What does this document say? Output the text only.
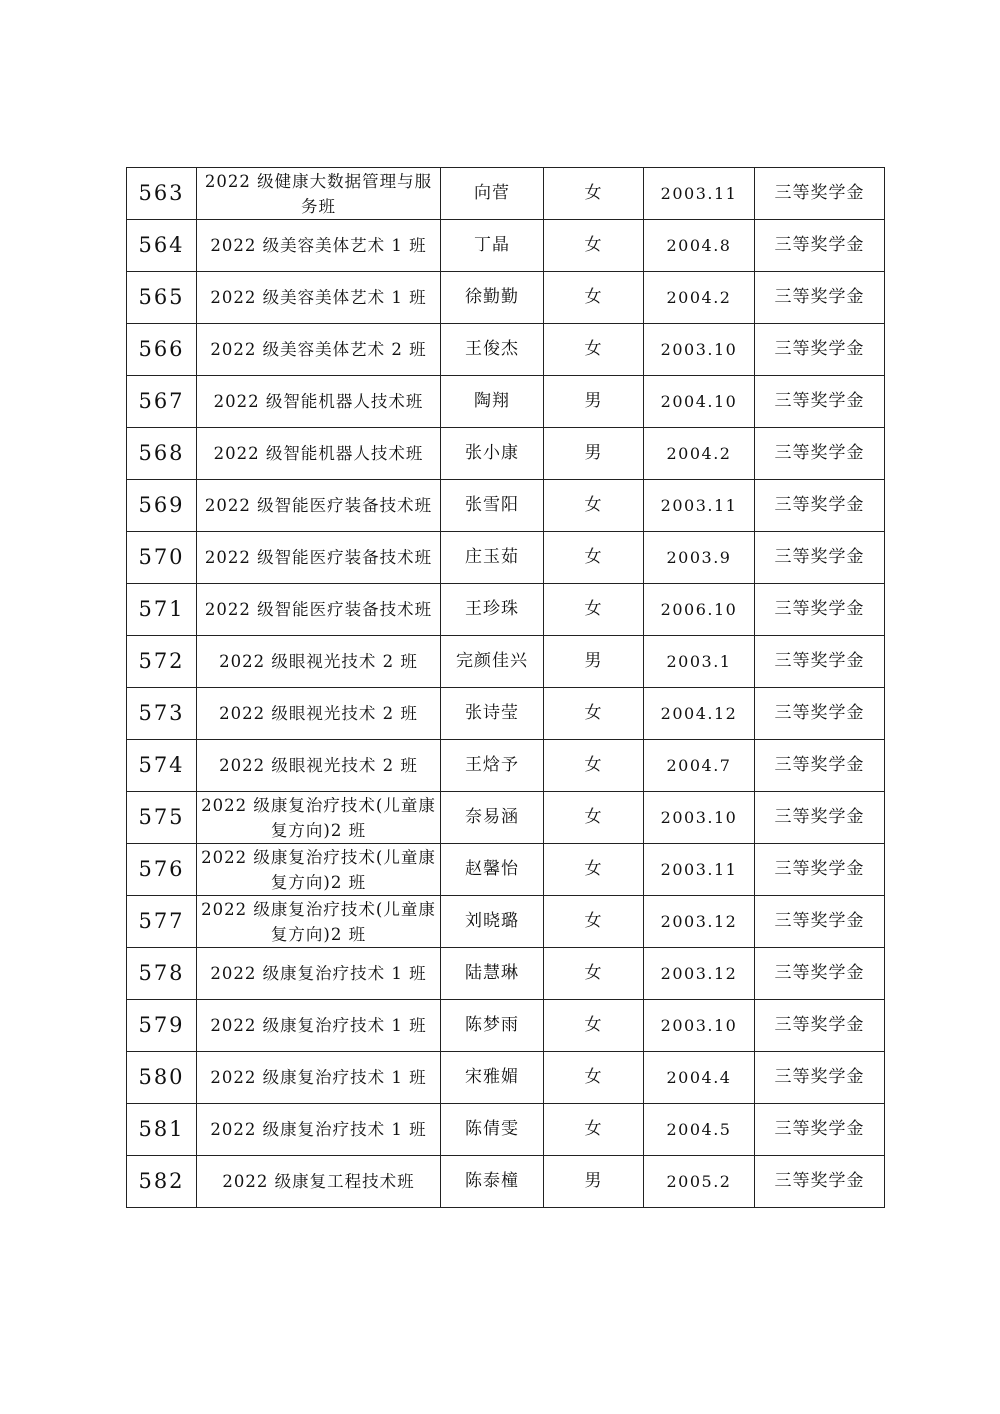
563	2022 级健康大数据管理与服务班	向菅	女	2003.11	三等奖学金
564	2022 级美容美体艺术 1 班	丁晶	女	2004.8	三等奖学金
565	2022 级美容美体艺术 1 班	徐勤勤	女	2004.2	三等奖学金
566	2022 级美容美体艺术 2 班	王俊杰	女	2003.10	三等奖学金
567	2022 级智能机器人技术班	陶翔	男	2004.10	三等奖学金
568	2022 级智能机器人技术班	张小康	男	2004.2	三等奖学金
569	2022 级智能医疗装备技术班	张雪阳	女	2003.11	三等奖学金
570	2022 级智能医疗装备技术班	庄玉茹	女	2003.9	三等奖学金
571	2022 级智能医疗装备技术班	王珍珠	女	2006.10	三等奖学金
572	2022 级眼视光技术 2 班	完颜佳兴	男	2003.1	三等奖学金
573	2022 级眼视光技术 2 班	张诗莹	女	2004.12	三等奖学金
574	2022 级眼视光技术 2 班	王焓予	女	2004.7	三等奖学金
575	2022 级康复治疗技术(儿童康复方向)2 班	奈易涵	女	2003.10	三等奖学金
576	2022 级康复治疗技术(儿童康复方向)2 班	赵馨怡	女	2003.11	三等奖学金
577	2022 级康复治疗技术(儿童康复方向)2 班	刘晓璐	女	2003.12	三等奖学金
578	2022 级康复治疗技术 1 班	陆慧琳	女	2003.12	三等奖学金
579	2022 级康复治疗技术 1 班	陈梦雨	女	2003.10	三等奖学金
580	2022 级康复治疗技术 1 班	宋雅媚	女	2004.4	三等奖学金
581	2022 级康复治疗技术 1 班	陈倩雯	女	2004.5	三等奖学金
582	2022 级康复工程技术班	陈泰橦	男	2005.2	三等奖学金
